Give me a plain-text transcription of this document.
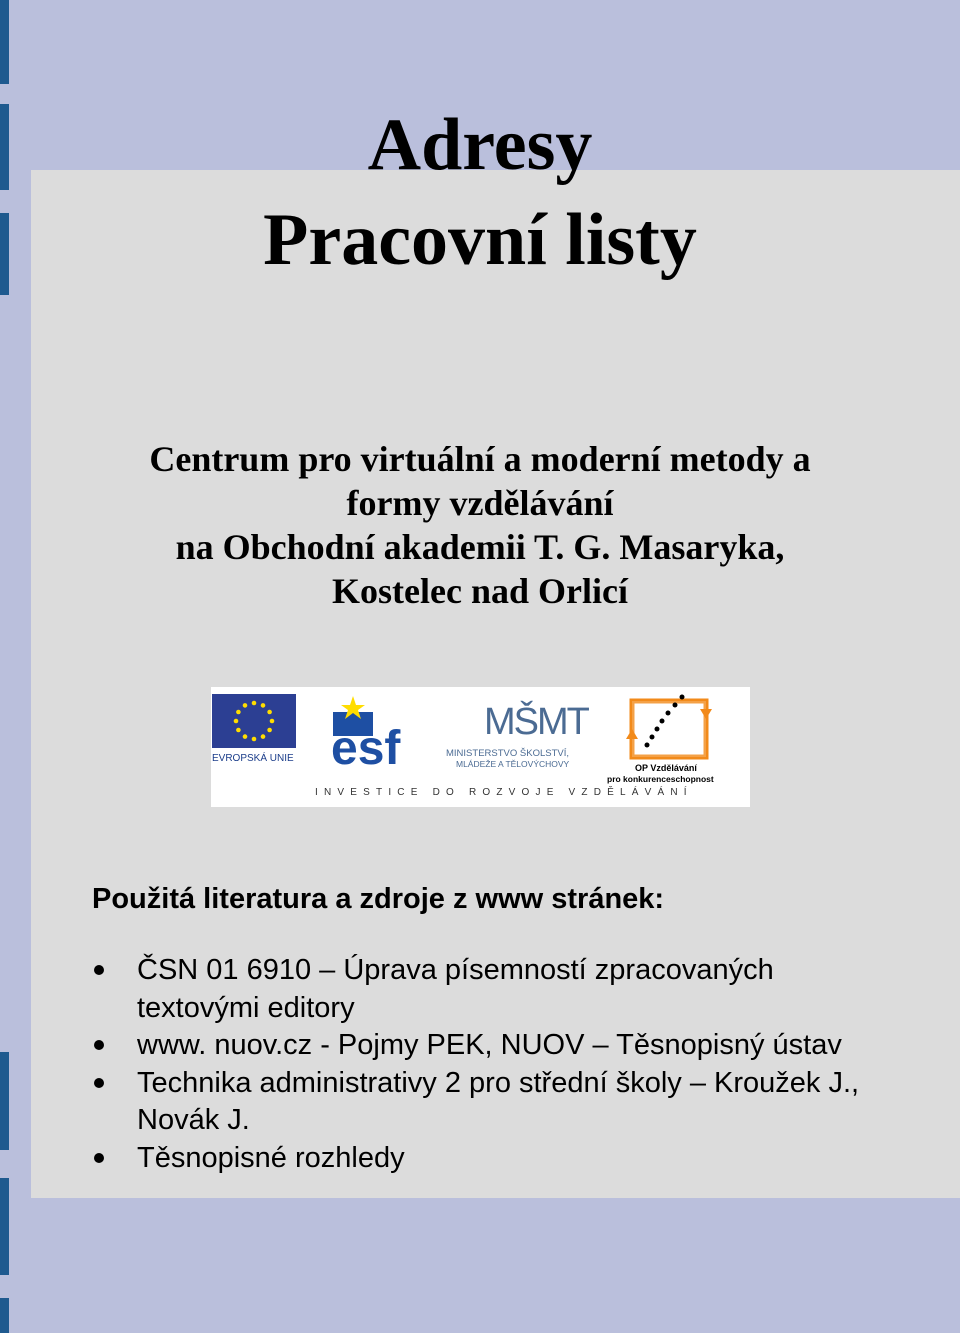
Adresy
Pracovní listy
Centrum pro virtuální a moderní metody a
formy vzdělávání
na Obchodní akademii T. G. Masaryka,
Kostelec nad Orlicí
EVROPSKÁ UNIE esf MŠMT
MINISTERSTVO ŠKOLSTVÍ,
MLÁDEŽE A TĚLOVÝCHOVY	OP Vzdělávání
pro konkurenceschopnost
INVESTICE DO ROZVOJE VZDĚLÁVÁNÍ
Použitá literatura a zdroje z www stránek:
ČSN 01 6910 – Úprava písemností zpracovaných textovými editory
www. nuov.cz - Pojmy PEK, NUOV – Těsnopisný ústav
Technika administrativy 2 pro střední školy – Kroužek J., Novák J.
Těsnopisné rozhledy
